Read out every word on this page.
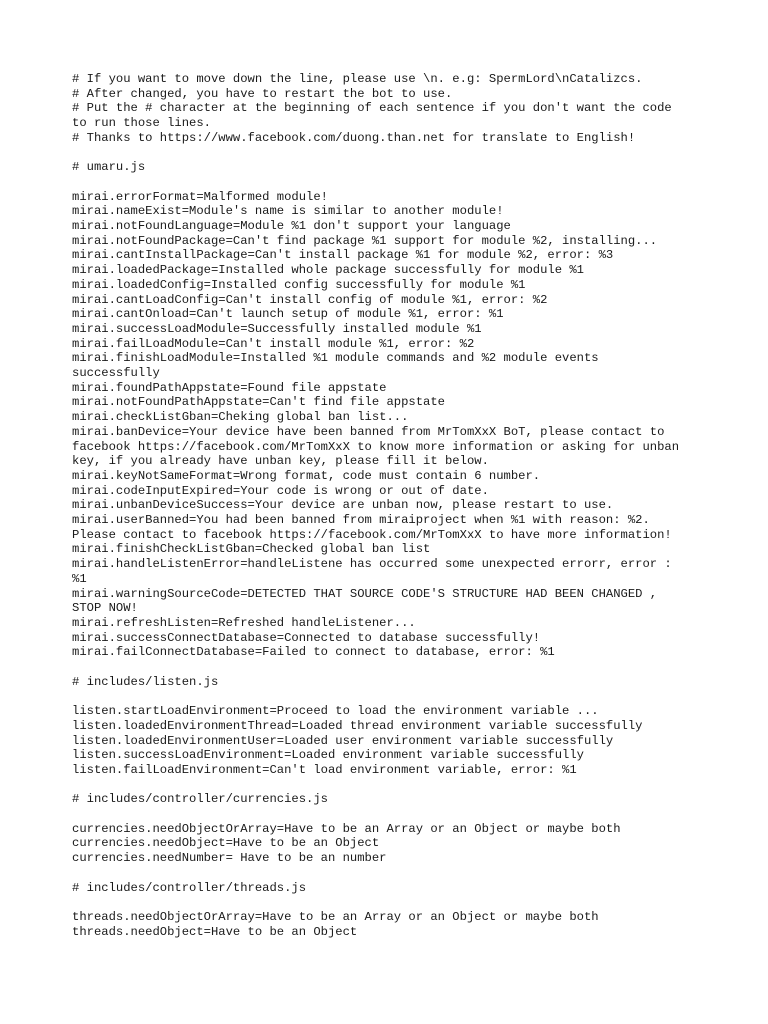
# If you want to move down the line, please use \n. e.g: SpermLord\nCatalizcs.
# After changed, you have to restart the bot to use.
# Put the # character at the beginning of each sentence if you don't want the code
to run those lines.
# Thanks to https://www.facebook.com/duong.than.net for translate to English!
# umaru.js
mirai.errorFormat=Malformed module!
mirai.nameExist=Module's name is similar to another module!
mirai.notFoundLanguage=Module %1 don't support your language
mirai.notFoundPackage=Can't find package %1 support for module %2, installing...
mirai.cantInstallPackage=Can't install package %1 for module %2, error: %3
mirai.loadedPackage=Installed whole package successfully for module %1
mirai.loadedConfig=Installed config successfully for module %1
mirai.cantLoadConfig=Can't install config of module %1, error: %2
mirai.cantOnload=Can't launch setup of module %1, error: %1
mirai.successLoadModule=Successfully installed module %1
mirai.failLoadModule=Can't install module %1, error: %2
mirai.finishLoadModule=Installed %1 module commands and %2 module events
successfully
mirai.foundPathAppstate=Found file appstate
mirai.notFoundPathAppstate=Can't find file appstate
mirai.checkListGban=Cheking global ban list...
mirai.banDevice=Your device have been banned from MrTomXxX BoT, please contact to
facebook https://facebook.com/MrTomXxX to know more information or asking for unban
key, if you already have unban key, please fill it below.
mirai.keyNotSameFormat=Wrong format, code must contain 6 number.
mirai.codeInputExpired=Your code is wrong or out of date.
mirai.unbanDeviceSuccess=Your device are unban now, please restart to use.
mirai.userBanned=You had been banned from miraiproject when %1 with reason: %2.
Please contact to facebook https://facebook.com/MrTomXxX to have more information!
mirai.finishCheckListGban=Checked global ban list
mirai.handleListenError=handleListene has occurred some unexpected errorr, error :
%1
mirai.warningSourceCode=DETECTED THAT SOURCE CODE'S STRUCTURE HAD BEEN CHANGED ,
STOP NOW!
mirai.refreshListen=Refreshed handleListener...
mirai.successConnectDatabase=Connected to database successfully!
mirai.failConnectDatabase=Failed to connect to database, error: %1
# includes/listen.js
listen.startLoadEnvironment=Proceed to load the environment variable ...
listen.loadedEnvironmentThread=Loaded thread environment variable successfully
listen.loadedEnvironmentUser=Loaded user environment variable successfully
listen.successLoadEnvironment=Loaded environment variable successfully
listen.failLoadEnvironment=Can't load environment variable, error: %1
# includes/controller/currencies.js
currencies.needObjectOrArray=Have to be an Array or an Object or maybe both
currencies.needObject=Have to be an Object
currencies.needNumber= Have to be an number
# includes/controller/threads.js
threads.needObjectOrArray=Have to be an Array or an Object or maybe both
threads.needObject=Have to be an Object
